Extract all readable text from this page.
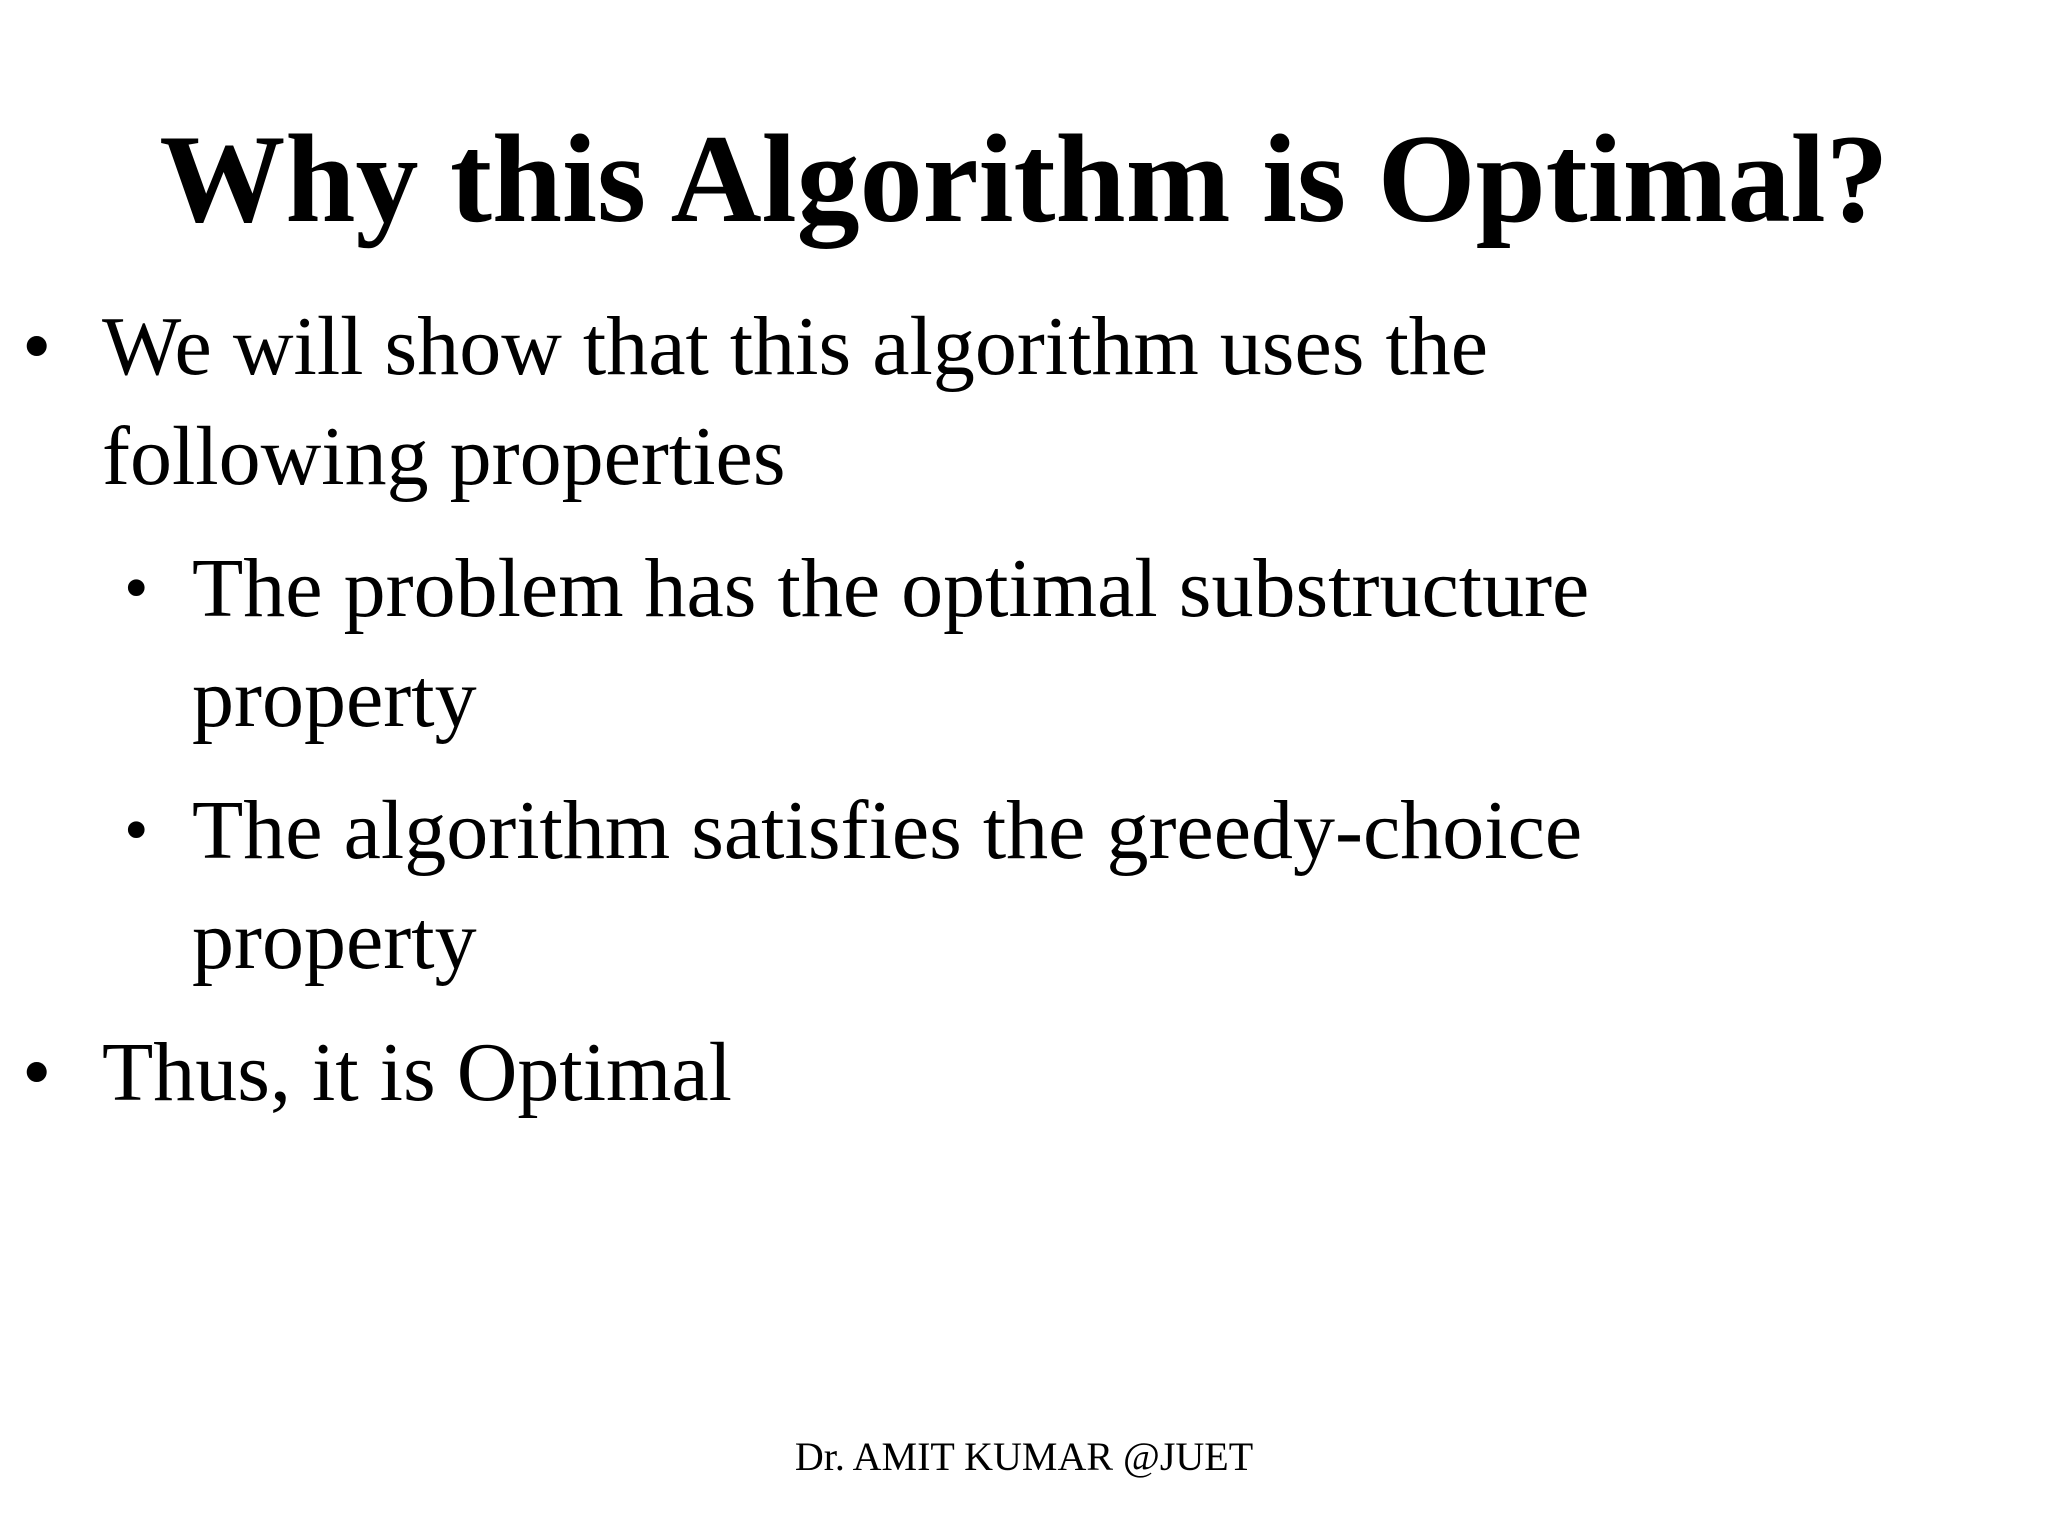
Why this Algorithm is Optimal?
• We will show that this algorithm uses the
following properties
• The problem has the optimal substructure
property
• The algorithm satisfies the greedy-choice
property
• Thus, it is Optimal
Dr. AMIT KUMAR @JUET
